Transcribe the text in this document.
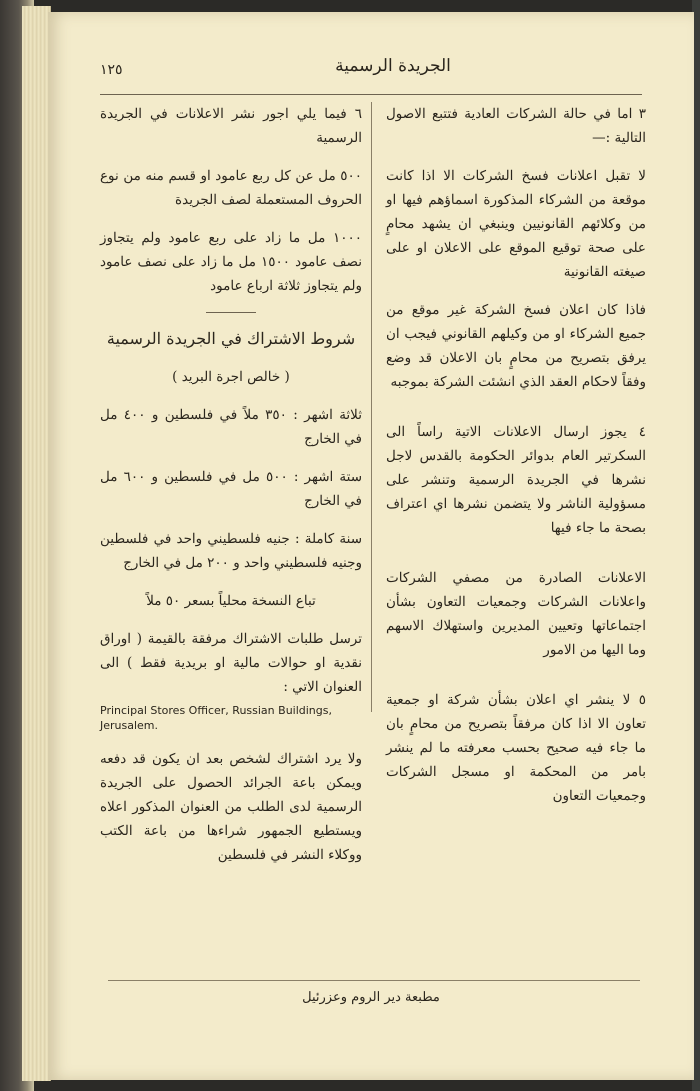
١٢٥	الجريدة الرسمية

٣ اما في حالة الشركات العادية فتتبع الاصول التالية :—

لا تقبل اعلانات فسخ الشركات الا اذا كانت موقعة من الشركاء المذكورة اسماؤهم فيها او من وكلائهم القانونيين وينبغي ان يشهد محامٍ على صحة توقيع الموقع على الاعلان او على صيغته القانونية

فاذا كان اعلان فسخ الشركة غير موقع من جميع الشركاء او من وكيلهم القانوني فيجب ان يرفق بتصريح من محامٍ بان الاعلان قد وضع وفقاً لاحكام العقد الذي انشئت الشركة بموجبه

٤ يجوز ارسال الاعلانات الاتية راساً الى السكرتير العام بدوائر الحكومة بالقدس لاجل نشرها في الجريدة الرسمية وتنشر على مسؤولية الناشر ولا يتضمن نشرها اي اعتراف بصحة ما جاء فيها

الاعلانات الصادرة من مصفي الشركات واعلانات الشركات وجمعيات التعاون بشأن اجتماعاتها وتعيين المديرين واستهلاك الاسهم وما اليها من الامور

٥ لا ينشر اي اعلان بشأن شركة او جمعية تعاون الا اذا كان مرفقاً بتصريح من محامٍ بان ما جاء فيه صحيح بحسب معرفته ما لم ينشر بامر من المحكمة او مسجل الشركات وجمعيات التعاون

٦ فيما يلي اجور نشر الاعلانات في الجريدة الرسمية

٥٠٠ مل عن كل ربع عامود او قسم منه من نوع الحروف المستعملة لصف الجريدة

١٠٠٠ مل ما زاد على ربع عامود ولم يتجاوز نصف عامود ١٥٠٠ مل ما زاد على نصف عامود ولم يتجاوز ثلاثة ارباع عامود

شروط الاشتراك في الجريدة الرسمية

( خالص اجرة البريد )

ثلاثة اشهر : ٣٥٠ ملاً في فلسطين و ٤٠٠ مل في الخارج

ستة اشهر : ٥٠٠ مل في فلسطين و ٦٠٠ مل في الخارج

سنة كاملة : جنيه فلسطيني واحد في فلسطين وجنيه فلسطيني واحد و ٢٠٠ مل في الخارج

تباع النسخة محلياً بسعر ٥٠ ملاً

ترسل طلبات الاشتراك مرفقة بالقيمة ( اوراق نقدية او حوالات مالية او بريدية فقط ) الى العنوان الاتي :

Principal Stores Officer, Russian Buildings, Jerusalem.

ولا يرد اشتراك لشخص بعد ان يكون قد دفعه ويمكن باعة الجرائد الحصول على الجريدة الرسمية لدى الطلب من العنوان المذكور اعلاه ويستطيع الجمهور شراءها من باعة الكتب ووكلاء النشر في فلسطين

مطبعة دير الروم وعزرئيل
